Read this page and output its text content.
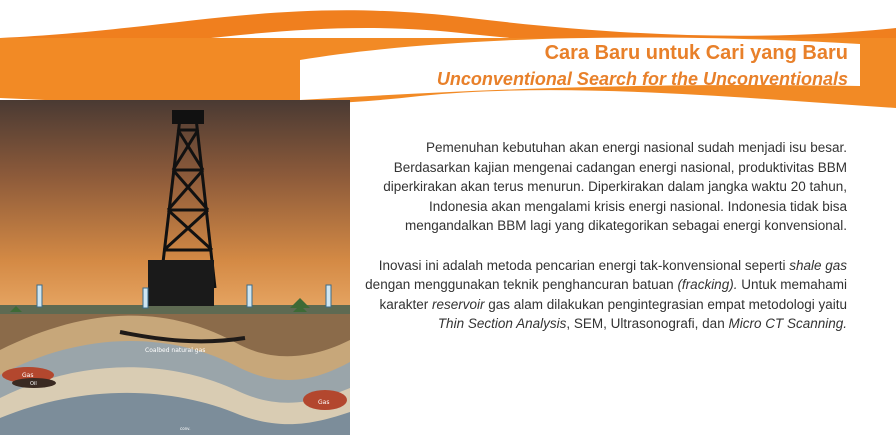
Cara Baru untuk Cari yang Baru

Unconventional Search for the Unconventionals

Coalbed natural gas
Gas
Oil
Gas
conv.

Pemenuhan kebutuhan akan energi nasional sudah menjadi isu besar. Berdasarkan kajian mengenai cadangan energi nasional, produktivitas BBM diperkirakan akan terus menurun. Diperkirakan dalam jangka waktu 20 tahun, Indonesia akan mengalami krisis energi nasional. Indonesia tidak bisa mengandalkan BBM lagi yang dikategorikan sebagai energi konvensional.

Inovasi ini adalah metoda pencarian energi tak-konvensional seperti shale gas dengan menggunakan teknik penghancuran batuan (fracking). Untuk memahami karakter reservoir gas alam dilakukan pengintegrasian empat metodologi yaitu Thin Section Analysis, SEM, Ultrasonografi, dan Micro CT Scanning.
